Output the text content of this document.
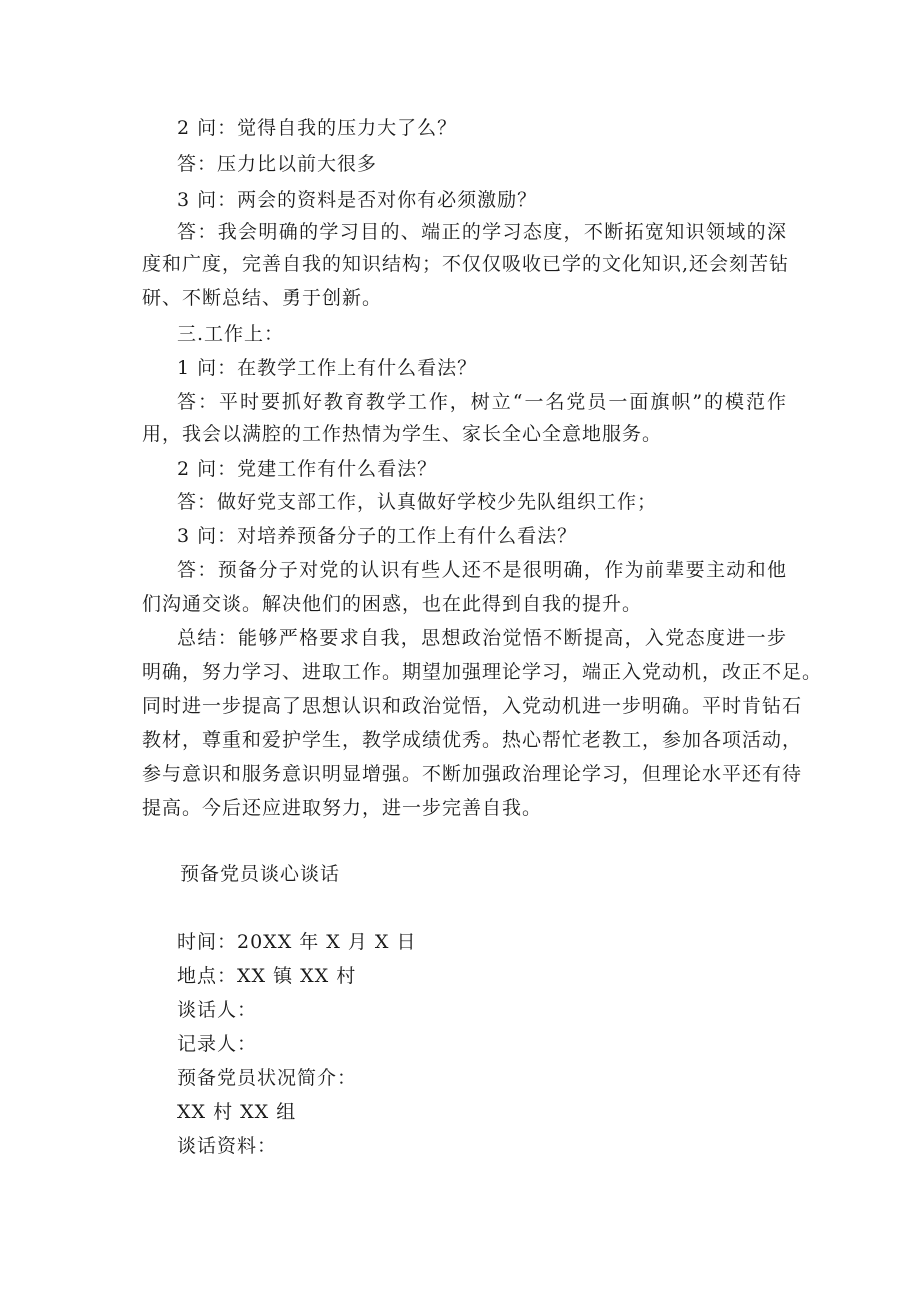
2 问：觉得自我的压力大了么？
答：压力比以前大很多
3 问：两会的资料是否对你有必须激励？
答：我会明确的学习目的、端正的学习态度，不断拓宽知识领域的深
度和广度，完善自我的知识结构；不仅仅吸收已学的文化知识,还会刻苦钻
研、不断总结、勇于创新。
三.工作上：
1 问：在教学工作上有什么看法？
答：平时要抓好教育教学工作，树立“一名党员一面旗帜”的模范作
用，我会以满腔的工作热情为学生、家长全心全意地服务。
2 问：党建工作有什么看法？
答：做好党支部工作，认真做好学校少先队组织工作；
3 问：对培养预备分子的工作上有什么看法？
答：预备分子对党的认识有些人还不是很明确，作为前辈要主动和他
们沟通交谈。解决他们的困惑，也在此得到自我的提升。
总结：能够严格要求自我，思想政治觉悟不断提高，入党态度进一步
明确，努力学习、进取工作。期望加强理论学习，端正入党动机，改正不足。
同时进一步提高了思想认识和政治觉悟，入党动机进一步明确。平时肯钻石
教材，尊重和爱护学生，教学成绩优秀。热心帮忙老教工，参加各项活动，
参与意识和服务意识明显增强。不断加强政治理论学习，但理论水平还有待
提高。今后还应进取努力，进一步完善自我。
预备党员谈心谈话
时间：20XX 年 X 月 X 日
地点：XX 镇 XX 村
谈话人：
记录人：
预备党员状况简介：
XX 村 XX 组
谈话资料：
